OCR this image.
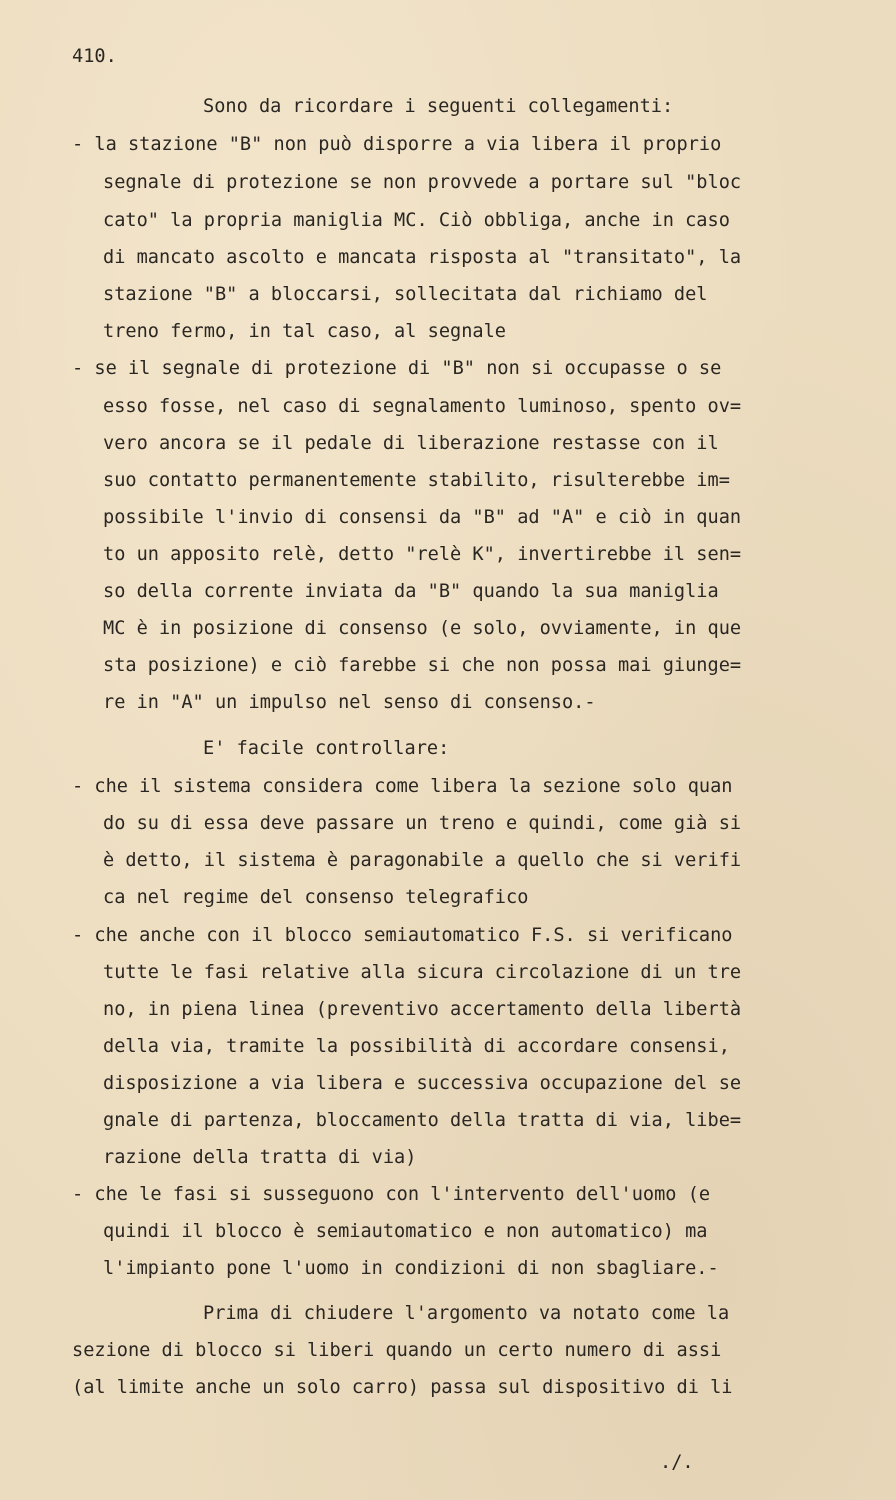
410.
Sono da ricordare i seguenti collegamenti:
- la stazione "B" non può disporre a via libera il proprio
segnale di protezione se non provvede a portare sul "bloc
cato" la propria maniglia MC. Ciò obbliga, anche in caso
di mancato ascolto e mancata risposta al "transitato", la
stazione "B" a bloccarsi, sollecitata dal richiamo del
treno fermo, in tal caso, al segnale
- se il segnale di protezione di "B" non si occupasse o se
esso fosse, nel caso di segnalamento luminoso, spento ov=
vero ancora se il pedale di liberazione restasse con il
suo contatto permanentemente stabilito, risulterebbe im=
possibile l'invio di consensi da "B" ad "A" e ciò in quan
to un apposito relè, detto "relè K", invertirebbe il sen=
so della corrente inviata da "B" quando la sua maniglia
MC è in posizione di consenso (e solo, ovviamente, in que
sta posizione) e ciò farebbe si che non possa mai giunge=
re in "A" un impulso nel senso di consenso.-
E' facile controllare:
- che il sistema considera come libera la sezione solo quan
do su di essa deve passare un treno e quindi, come già si
è detto, il sistema è paragonabile a quello che si verifi
ca nel regime del consenso telegrafico
- che anche con il blocco semiautomatico F.S. si verificano
tutte le fasi relative alla sicura circolazione di un tre
no, in piena linea (preventivo accertamento della libertà
della via, tramite la possibilità di accordare consensi,
disposizione a via libera e successiva occupazione del se
gnale di partenza, bloccamento della tratta di via, libe=
razione della tratta di via)
- che le fasi si susseguono con l'intervento dell'uomo (e
quindi il blocco è semiautomatico e non automatico) ma
l'impianto pone l'uomo in condizioni di non sbagliare.-
Prima di chiudere l'argomento va notato come la
sezione di blocco si liberi quando un certo numero di assi
(al limite anche un solo carro) passa sul dispositivo di li
./.
